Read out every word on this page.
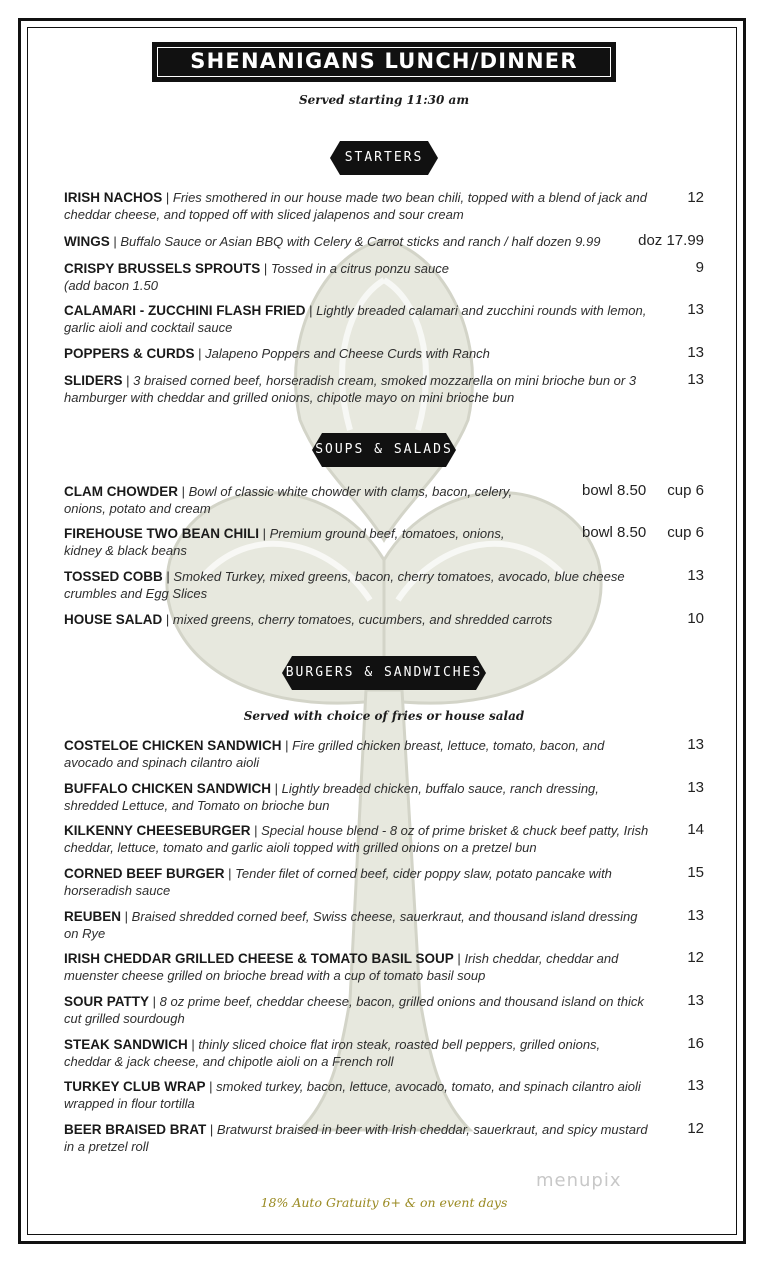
SHENANIGANS LUNCH/DINNER
Served starting 11:30 am
STARTERS
IRISH NACHOS | Fries smothered in our house made two bean chili, topped with a blend of jack and cheddar cheese, and topped off with sliced jalapenos and sour cream
12
WINGS | Buffalo Sauce or Asian BBQ with Celery & Carrot sticks and ranch / half dozen 9.99	doz 17.99
CRISPY BRUSSELS SPROUTS | Tossed in a citrus ponzu sauce
(add bacon 1.50
9
CALAMARI - ZUCCHINI FLASH FRIED | Lightly breaded calamari and zucchini rounds with lemon, garlic aioli and cocktail sauce
13
POPPERS & CURDS | Jalapeno Poppers and Cheese Curds with Ranch	13
SLIDERS | 3 braised corned beef, horseradish cream, smoked mozzarella on mini brioche bun or 3 hamburger with cheddar and grilled onions, chipotle mayo on mini brioche bun
13
SOUPS & SALADS
CLAM CHOWDER | Bowl of classic white chowder with clams, bacon, celery, onions, potato and cream
bowl 8.50 cup 6
FIREHOUSE TWO BEAN CHILI | Premium ground beef, tomatoes, onions, kidney & black beans
bowl 8.50 cup 6
TOSSED COBB | Smoked Turkey, mixed greens, bacon, cherry tomatoes, avocado, blue cheese crumbles and Egg Slices
13
HOUSE SALAD | mixed greens, cherry tomatoes, cucumbers, and shredded carrots	10
BURGERS & SANDWICHES
Served with choice of fries or house salad
COSTELOE CHICKEN SANDWICH | Fire grilled chicken breast, lettuce, tomato, bacon, and avocado and spinach cilantro aioli
13
BUFFALO CHICKEN SANDWICH | Lightly breaded chicken, buffalo sauce, ranch dressing, shredded Lettuce, and Tomato on brioche bun
13
KILKENNY CHEESEBURGER | Special house blend - 8 oz of prime brisket & chuck beef patty, Irish cheddar, lettuce, tomato and garlic aioli topped with grilled onions on a pretzel bun
14
CORNED BEEF BURGER | Tender filet of corned beef, cider poppy slaw, potato pancake with horseradish sauce
15
REUBEN | Braised shredded corned beef, Swiss cheese, sauerkraut, and thousand island dressing on Rye
13
IRISH CHEDDAR GRILLED CHEESE & TOMATO BASIL SOUP | Irish cheddar, cheddar and muenster cheese grilled on brioche bread with a cup of tomato basil soup
12
SOUR PATTY | 8 oz prime beef, cheddar cheese, bacon, grilled onions and thousand island on thick cut grilled sourdough
13
STEAK SANDWICH | thinly sliced choice flat iron steak, roasted bell peppers, grilled onions, cheddar & jack cheese, and chipotle aioli on a French roll
16
TURKEY CLUB WRAP | smoked turkey, bacon, lettuce, avocado, tomato, and spinach cilantro aioli wrapped in flour tortilla
13
BEER BRAISED BRAT | Bratwurst braised in beer with Irish cheddar, sauerkraut, and spicy mustard in a pretzel roll
12
menupix
18% Auto Gratuity 6+ & on event days
